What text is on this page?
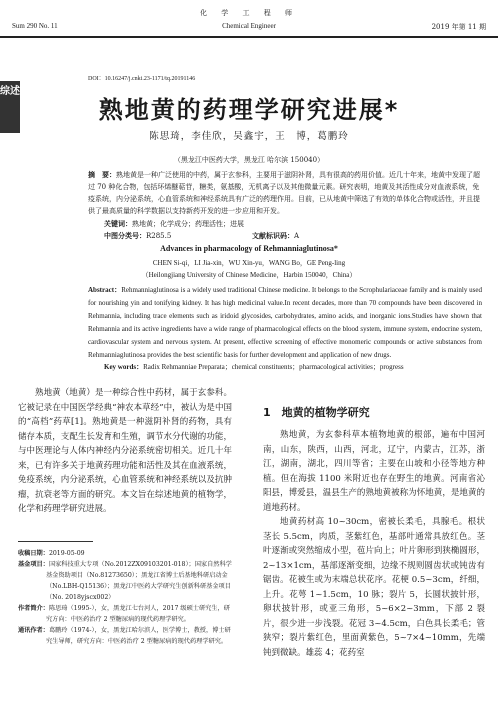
化 学 工 程 师
Sum 290 No. 11	Chemical Engineer	2019 年第 11 期
综述
DOI：10.16247/j.cnki.23-1171/tq.20191146
熟地黄的药理学研究进展*
陈思琦，李佳欣，吴鑫宇，王　博，葛鹏玲
（黑龙江中医药大学，黑龙江 哈尔滨 150040）
摘　要：熟地黄是一种广泛使用的中药，属于玄参科，主要用于滋阴补肾，具有很高的药用价值。近几十年来，地黄中发现了超过 70 种化合物，包括环烯醚萜苷，糖类，氨基酸，无机离子以及其他微量元素。研究表明，地黄及其活性成分对血液系统，免疫系统，内分泌系统，心血管系统和神经系统具有广泛的药理作用。目前，已从地黄中筛选了有效的单体化合物或活性，并且提供了最高质量的科学数据以支持新药开发的进一步应用和开发。
关键词：熟地黄；化学成分；药理活性；进展
中图分类号：R285.5	文献标识码：A
Advances in pharmacology of Rehmanniaglutinosa*
CHEN Si-qi，LI Jia-xin，WU Xin-yu，WANG Bo，GE Peng-ling
（Heilongjiang University of Chinese Medicine，Harbin 150040，China）
Abstract：Rehmanniaglutinosa is a widely used traditional Chinese medicine. It belongs to the Scrophulariaceae family and is mainly used for nourishing yin and tonifying kidney. It has high medicinal value.In recent decades, more than 70 compounds have been discovered in Rehmannia, including trace elements such as iridoid glycosides, carbohydrates, amino acids, and inorganic ions.Studies have shown that Rehmannia and its active ingredients have a wide range of pharmacological effects on the blood system, immune system, endocrine system, cardiovascular system and nervous system. At present, effective screening of effective monomeric compounds or active substances from Rehmanniaglutinosa provides the best scientific basis for further development and application of new drugs.
Key words：Radix Rehmanniae Preparata；chemical constituents；pharmacological activities；progress

熟地黄（地黄）是一种综合性中药材，属于玄参科。它被记录在中国医学经典“神农本草经”中，被认为是中国的“高档”药草[1]。熟地黄是一种滋阴补肾的药物，具有储存本质，支配生长发育和生殖，调节水分代谢的功能，与中医理论与人体内神经内分泌系统密切相关。近几十年来，已有许多关于地黄药理功能和活性及其在血液系统，免疫系统，内分泌系统，心血管系统和神经系统以及抗肿瘤，抗衰老等方面的研究。本文旨在综述地黄的植物学，化学和药理学研究进展。

收稿日期：2019-05-09

基金项目：国家科技重大专项（No.2012ZX09103201-018）；国家自然科学基金资助项目（No.81273650）；黑龙江省博士后基地科研启动金（No.LBH-Q15136）；黑龙江中医药大学研究生创新科研基金项目（No. 2018yjscx002）

作者简介：陈思琦（1995-），女，黑龙江七台河人，2017 级硕士研究生，研究方向：中医药治疗 2 型糖尿病的现代药理学研究。

通讯作者：葛鹏玲（1974-），女，黑龙江哈尔滨人，医学博士，教授，博士研究生导师，研究方向：中医药治疗 2 型糖尿病的现代药理学研究。

1　地黄的植物学研究

熟地黄，为玄参科草本植物地黄的根部，遍布中国河南，山东，陕西，山西，河北，辽宁，内蒙古，江苏，浙江，湖南，湖北，四川等省；主要在山坡和小径等地方种植。但在海拔 1100 米附近也存在野生的地黄。河南省沁阳县，博爱县，温县生产的熟地黄被称为怀地黄，是地黄的道地药材。

地黄药材高 10~30cm，密被长柔毛，具腺毛。根状茎长 5.5cm，肉质，茎紫红色，基部叶通常具放红色。茎叶逐渐或突然缩成小型，苞片向上；叶片卵形到狭椭圆形，2~13×1cm，基部逐渐变细，边缘不规则圆齿状或钝齿有锯齿。花被生或为末端总状花序。花梗 0.5~3cm，纤细，上升。花萼 1~1.5cm，10 脉；裂片 5，长圆状披针形，卵状披针形，或亚三角形，5~6×2~3mm，下部 2 裂片，很少进一步浅裂。花冠 3~4.5cm，白色具长柔毛；管狭窄；裂片紫红色，里面黄紫色，5~7×4~10mm，先端钝到微缺。雄蕊 4；花药室
